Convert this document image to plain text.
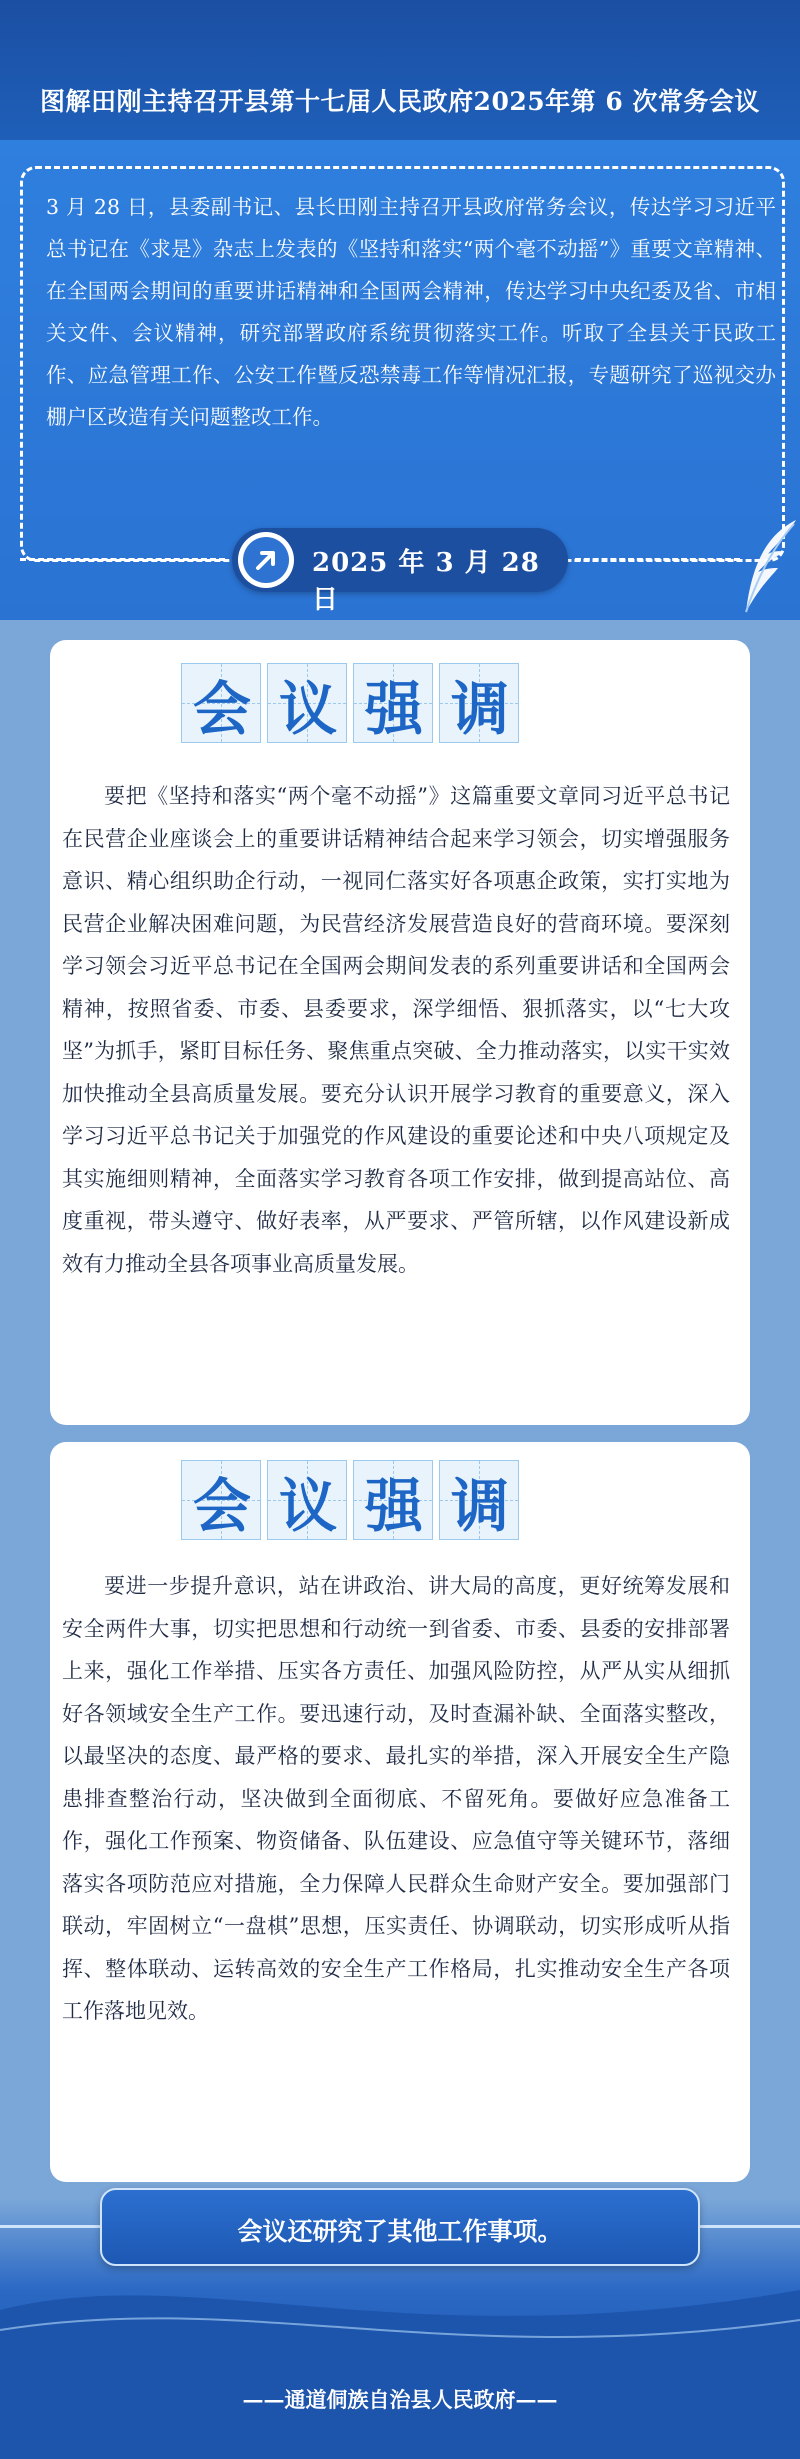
图解田刚主持召开县第十七届人民政府2025年第 6 次常务会议

3 月 28 日，县委副书记、县长田刚主持召开县政府常务会议，传达学习习近平总书记在《求是》杂志上发表的《坚持和落实“两个毫不动摇”》重要文章精神、在全国两会期间的重要讲话精神和全国两会精神，传达学习中央纪委及省、市相关文件、会议精神，研究部署政府系统贯彻落实工作。听取了全县关于民政工作、应急管理工作、公安工作暨反恐禁毒工作等情况汇报，专题研究了巡视交办棚户区改造有关问题整改工作。

2025 年 3 月 28 日
会 议 强 调

要把《坚持和落实“两个毫不动摇”》这篇重要文章同习近平总书记在民营企业座谈会上的重要讲话精神结合起来学习领会，切实增强服务意识、精心组织助企行动，一视同仁落实好各项惠企政策，实打实地为民营企业解决困难问题，为民营经济发展营造良好的营商环境。要深刻学习领会习近平总书记在全国两会期间发表的系列重要讲话和全国两会精神，按照省委、市委、县委要求，深学细悟、狠抓落实，以“七大攻坚”为抓手，紧盯目标任务、聚焦重点突破、全力推动落实，以实干实效加快推动全县高质量发展。要充分认识开展学习教育的重要意义，深入学习习近平总书记关于加强党的作风建设的重要论述和中央八项规定及其实施细则精神，全面落实学习教育各项工作安排，做到提高站位、高度重视，带头遵守、做好表率，从严要求、严管所辖，以作风建设新成效有力推动全县各项事业高质量发展。

会 议 强 调

要进一步提升意识，站在讲政治、讲大局的高度，更好统筹发展和安全两件大事，切实把思想和行动统一到省委、市委、县委的安排部署上来，强化工作举措、压实各方责任、加强风险防控，从严从实从细抓好各领域安全生产工作。要迅速行动，及时查漏补缺、全面落实整改，以最坚决的态度、最严格的要求、最扎实的举措，深入开展安全生产隐患排查整治行动，坚决做到全面彻底、不留死角。要做好应急准备工作，强化工作预案、物资储备、队伍建设、应急值守等关键环节，落细落实各项防范应对措施，全力保障人民群众生命财产安全。要加强部门联动，牢固树立“一盘棋”思想，压实责任、协调联动，切实形成听从指挥、整体联动、运转高效的安全生产工作格局，扎实推动安全生产各项工作落地见效。

会议还研究了其他工作事项。
——通道侗族自治县人民政府——
